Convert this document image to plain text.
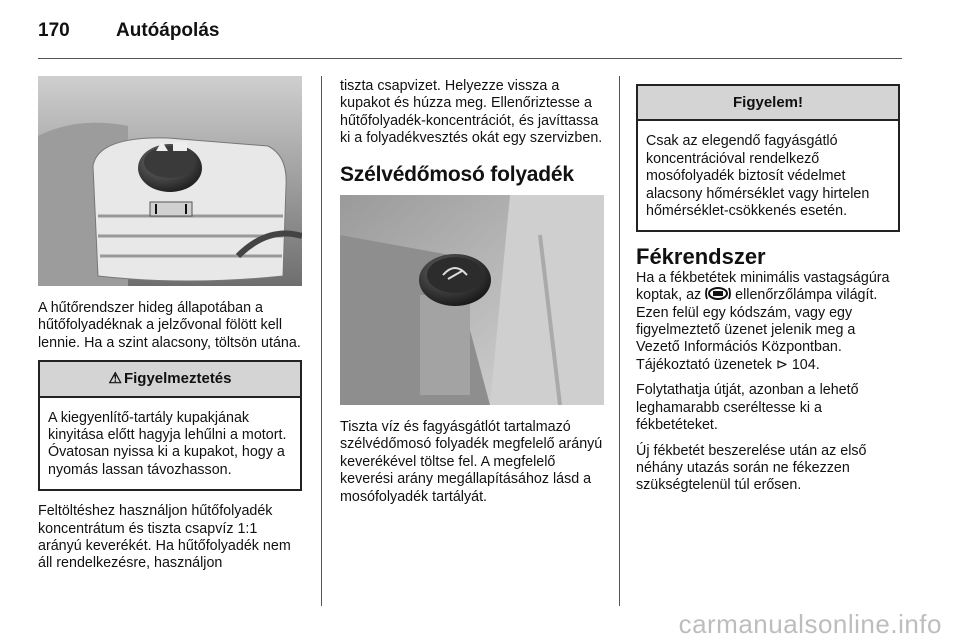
170 Autóápolás

A hűtőrendszer hideg állapotában a hűtőfolyadéknak a jelzővonal fölött kell lennie. Ha a szint alacsony, töltsön utána.

⚠ Figyelmeztetés
A kiegyenlítő-tartály kupakjának kinyitása előtt hagyja lehűlni a motort. Óvatosan nyissa ki a kupakot, hogy a nyomás lassan távozhasson.

Feltöltéshez használjon hűtőfolyadék koncentrátum és tiszta csapvíz 1:1 arányú keverékét. Ha hűtőfolyadék nem áll rendelkezésre, használjon

tiszta csapvizet. Helyezze vissza a kupakot és húzza meg. Ellenőriztesse a hűtőfolyadék-koncentrációt, és javíttassa ki a folyadékvesztés okát egy szervizben.

Szélvédőmosó folyadék

Tiszta víz és fagyásgátlót tartalmazó szélvédőmosó folyadék megfelelő arányú keverékével töltse fel. A megfelelő keverési arány megállapításához lásd a mosófolyadék tartályát.

Figyelem!
Csak az elegendő fagyásgátló koncentrációval rendelkező mosófolyadék biztosít védelmet alacsony hőmérséklet vagy hirtelen hőmérséklet-csökkenés esetén.
Fékrendszer

Ha a fékbetétek minimális vastagságúra koptak, az ellenőrzőlámpa világít. Ezen felül egy kódszám, vagy egy figyelmeztető üzenet jelenik meg a Vezető Információs Központban. Tájékoztató üzenetek ⊳ 104.

Folytathatja útját, azonban a lehető leghamarabb cseréltesse ki a fékbetéteket.

Új fékbetét beszerelése után az első néhány utazás során ne fékezzen szükségtelenül túl erősen.

carmanualsonline.info
